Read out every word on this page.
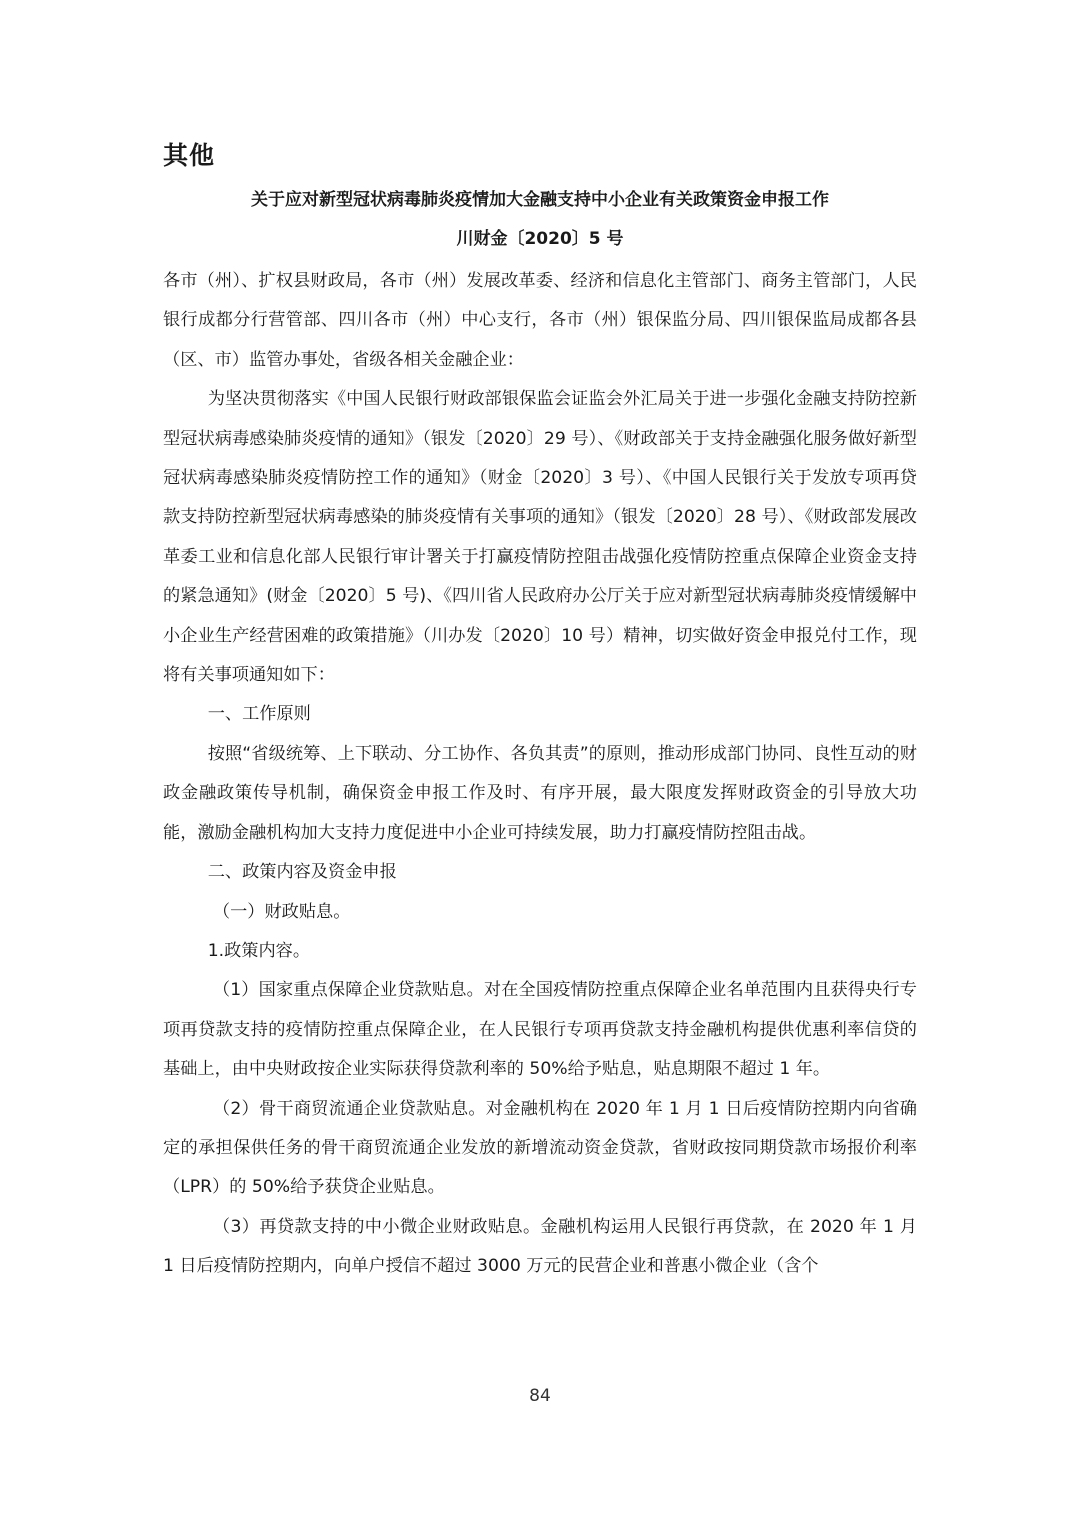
其他
关于应对新型冠状病毒肺炎疫情加大金融支持中小企业有关政策资金申报工作
川财金〔2020〕5 号

各市（州）、扩权县财政局，各市（州）发展改革委、经济和信息化主管部门、商务主管部门，人民银行成都分行营管部、四川各市（州）中心支行，各市（州）银保监分局、四川银保监局成都各县（区、市）监管办事处，省级各相关金融企业：

为坚决贯彻落实《中国人民银行财政部银保监会证监会外汇局关于进一步强化金融支持防控新型冠状病毒感染肺炎疫情的通知》（银发〔2020〕29 号）、《财政部关于支持金融强化服务做好新型冠状病毒感染肺炎疫情防控工作的通知》（财金〔2020〕3 号）、《中国人民银行关于发放专项再贷款支持防控新型冠状病毒感染的肺炎疫情有关事项的通知》（银发〔2020〕28 号）、《财政部发展改革委工业和信息化部人民银行审计署关于打赢疫情防控阻击战强化疫情防控重点保障企业资金支持的紧急通知》(财金〔2020〕5 号)、《四川省人民政府办公厅关于应对新型冠状病毒肺炎疫情缓解中小企业生产经营困难的政策措施》（川办发〔2020〕10 号）精神，切实做好资金申报兑付工作，现将有关事项通知如下：

一、工作原则

按照“省级统筹、上下联动、分工协作、各负其责”的原则，推动形成部门协同、良性互动的财政金融政策传导机制，确保资金申报工作及时、有序开展，最大限度发挥财政资金的引导放大功能，激励金融机构加大支持力度促进中小企业可持续发展，助力打赢疫情防控阻击战。

二、政策内容及资金申报

（一）财政贴息。

1.政策内容。

（1）国家重点保障企业贷款贴息。对在全国疫情防控重点保障企业名单范围内且获得央行专项再贷款支持的疫情防控重点保障企业，在人民银行专项再贷款支持金融机构提供优惠利率信贷的基础上，由中央财政按企业实际获得贷款利率的 50%给予贴息，贴息期限不超过 1 年。

（2）骨干商贸流通企业贷款贴息。对金融机构在 2020 年 1 月 1 日后疫情防控期内向省确定的承担保供任务的骨干商贸流通企业发放的新增流动资金贷款，省财政按同期贷款市场报价利率（LPR）的 50%给予获贷企业贴息。

（3）再贷款支持的中小微企业财政贴息。金融机构运用人民银行再贷款，在 2020 年 1 月 1 日后疫情防控期内，向单户授信不超过 3000 万元的民营企业和普惠小微企业（含个

84
